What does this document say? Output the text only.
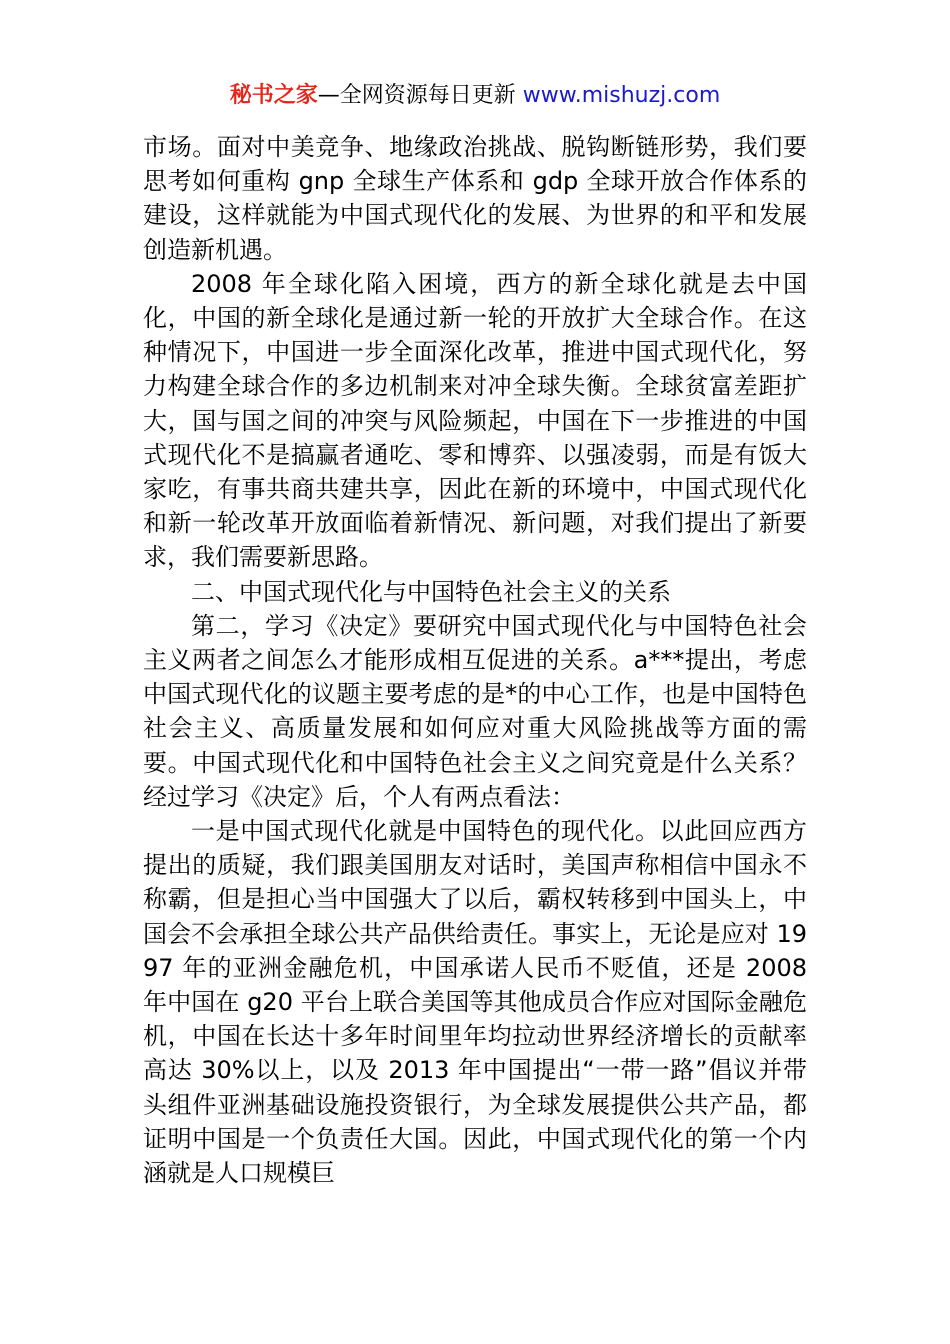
秘书之家—全网资源每日更新 www.mishuzj.com

市场。面对中美竞争、地缘政治挑战、脱钩断链形势，我们要思考如何重构 gnp 全球生产体系和 gdp 全球开放合作体系的建设，这样就能为中国式现代化的发展、为世界的和平和发展创造新机遇。

2008 年全球化陷入困境，西方的新全球化就是去中国化，中国的新全球化是通过新一轮的开放扩大全球合作。在这种情况下，中国进一步全面深化改革，推进中国式现代化，努力构建全球合作的多边机制来对冲全球失衡。全球贫富差距扩大，国与国之间的冲突与风险频起，中国在下一步推进的中国式现代化不是搞赢者通吃、零和博弈、以强凌弱，而是有饭大家吃，有事共商共建共享，因此在新的环境中，中国式现代化和新一轮改革开放面临着新情况、新问题，对我们提出了新要求，我们需要新思路。

二、中国式现代化与中国特色社会主义的关系

第二，学习《决定》要研究中国式现代化与中国特色社会主义两者之间怎么才能形成相互促进的关系。a***提出，考虑中国式现代化的议题主要考虑的是*的中心工作，也是中国特色社会主义、高质量发展和如何应对重大风险挑战等方面的需要。中国式现代化和中国特色社会主义之间究竟是什么关系？经过学习《决定》后，个人有两点看法：

一是中国式现代化就是中国特色的现代化。以此回应西方提出的质疑，我们跟美国朋友对话时，美国声称相信中国永不称霸，但是担心当中国强大了以后，霸权转移到中国头上，中国会不会承担全球公共产品供给责任。事实上，无论是应对 1997 年的亚洲金融危机，中国承诺人民币不贬值，还是 2008 年中国在 g20 平台上联合美国等其他成员合作应对国际金融危机，中国在长达十多年时间里年均拉动世界经济增长的贡献率高达 30%以上，以及 2013 年中国提出“一带一路”倡议并带头组件亚洲基础设施投资银行，为全球发展提供公共产品，都证明中国是一个负责任大国。因此，中国式现代化的第一个内涵就是人口规模巨
